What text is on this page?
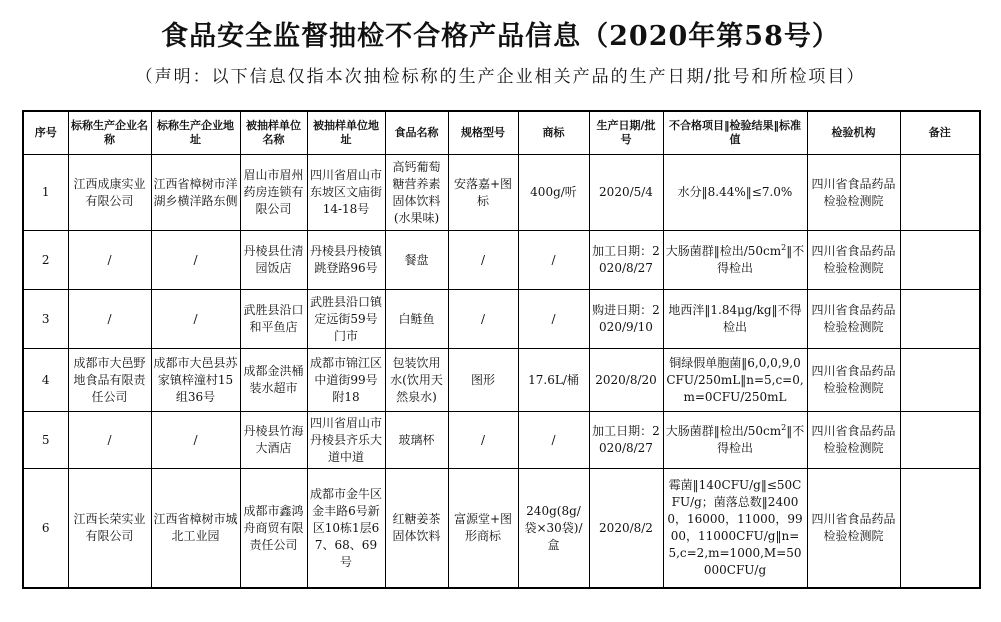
食品安全监督抽检不合格产品信息（2020年第58号）
（声明：以下信息仅指本次抽检标称的生产企业相关产品的生产日期/批号和所检项目）
序号	标称生产企业名称	标称生产企业地址	被抽样单位名称	被抽样单位地址	食品名称	规格型号	商标	生产日期/批号	不合格项目‖检验结果‖标准值	检验机构	备注
1	江西成康实业有限公司	江西省樟树市洋湖乡横洋路东侧	眉山市眉州药房连锁有限公司	四川省眉山市东坡区文庙街14-18号	高钙葡萄糖营养素固体饮料(水果味)	安落嘉+图标	400g/听	2020/5/4	水分‖8.44%‖≤7.0%	四川省食品药品检验检测院	
2	/	/	丹棱县仕清园饭店	丹棱县丹棱镇跳登路96号	餐盘	/	/	加工日期：2020/8/27	大肠菌群‖检出$/50cm^2‖$不得检出	四川省食品药品检验检测院	
3	/	/	武胜县沿口和平鱼店	武胜县沿口镇定远街59号门市	白鲢鱼	/	/	购进日期：2020/9/10	地西泮‖1.84μg/kg‖不得检出	四川省食品药品检验检测院	
4	成都市大邑野地食品有限责任公司	成都市大邑县苏家镇梓潼村15组36号	成都金洪桶装水超市	成都市锦江区中道街99号附18	包装饮用水(饮用天然泉水)	图形	17.6L/桶	2020/8/20	铜绿假单胞菌‖6,0,0,9,0CFU/250mL‖n=5,c=0,m=0CFU/250mL	四川省食品药品检验检测院	
5	/	/	丹棱县竹海大酒店	四川省眉山市丹棱县齐乐大道中道	玻璃杯	/	/	加工日期：2020/8/27	大肠菌群‖检出$/50cm^2‖$不得检出	四川省食品药品检验检测院	
6	江西长荣实业有限公司	江西省樟树市城北工业园	成都市鑫鸿舟商贸有限责任公司	成都市金牛区金丰路6号新区10栋1层67、68、69号	红糖姜茶固体饮料	富源堂+图形商标	240g(8g/袋×30袋)/盒	2020/8/2	霉菌‖140CFU/g‖≤50CFU/g；菌落总数‖24000，16000，11000，9900，11000CFU/g‖n=5,c=2,m=1000,M=50000CFU/g	四川省食品药品检验检测院	
